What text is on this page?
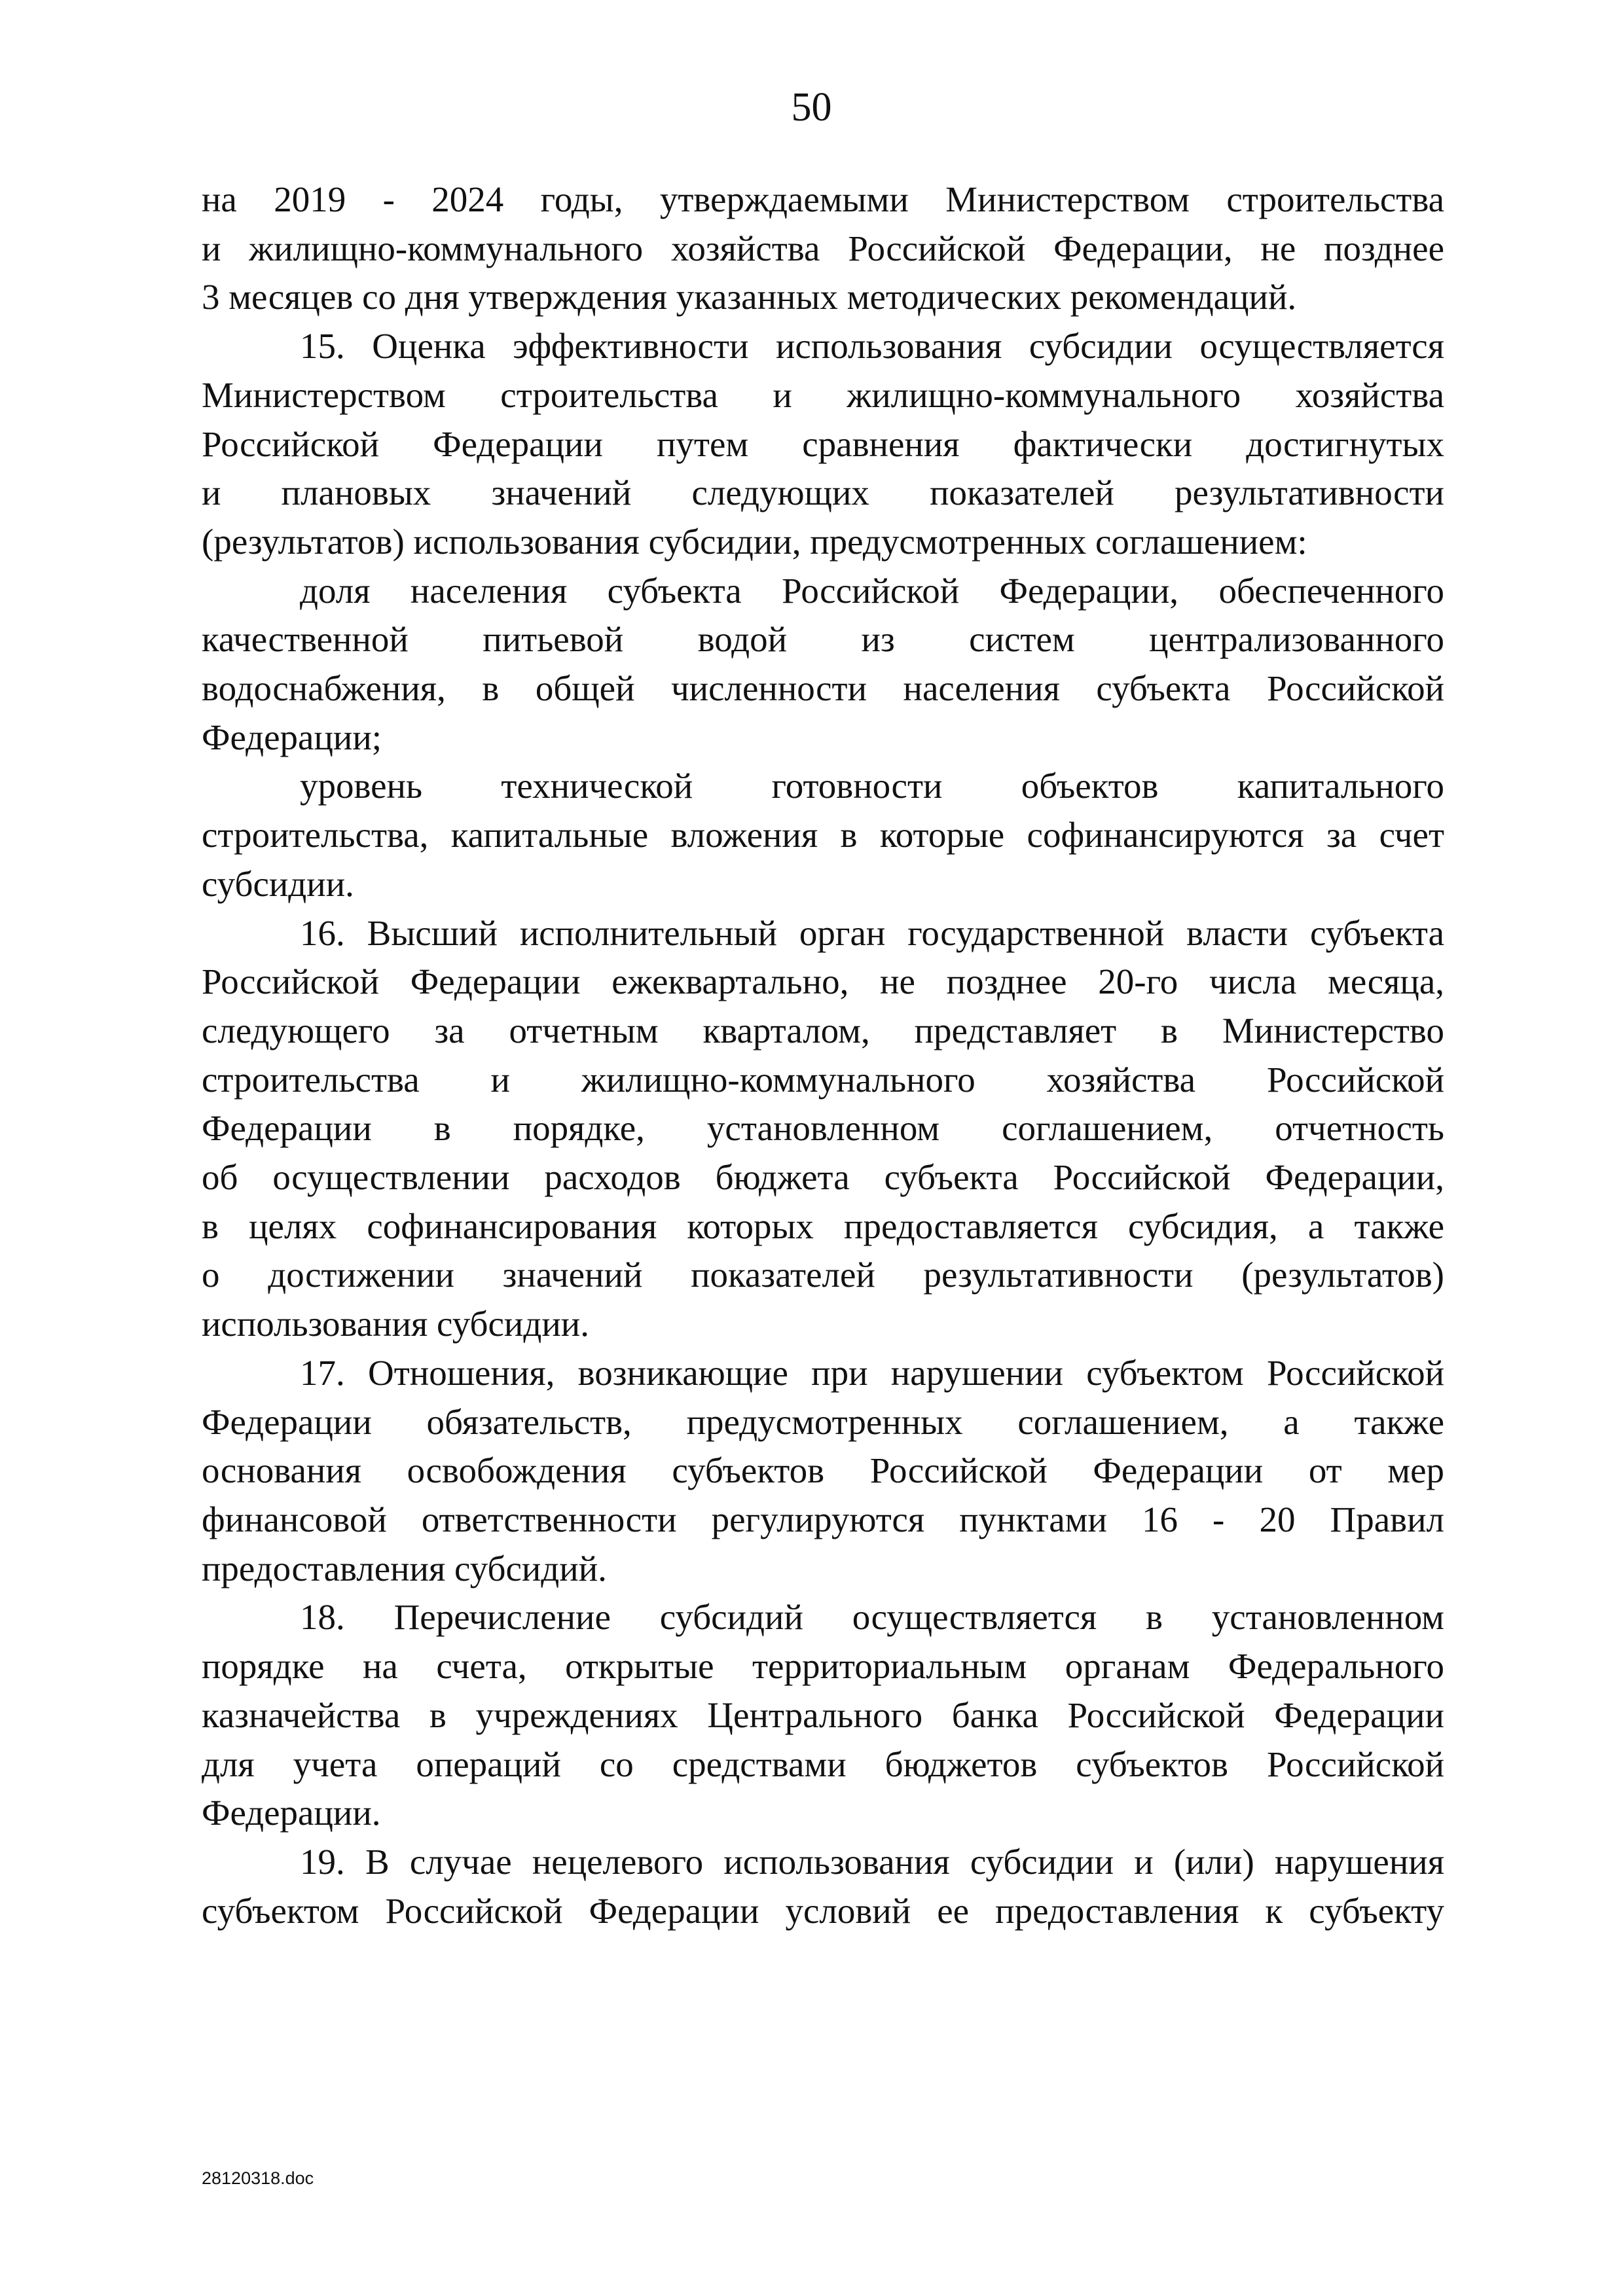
50
на 2019 - 2024 годы, утверждаемыми Министерством строительства
и жилищно-коммунального хозяйства Российской Федерации, не позднее
3 месяцев со дня утверждения указанных методических рекомендаций.
15. Оценка эффективности использования субсидии осуществляется
Министерством строительства и жилищно-коммунального хозяйства
Российской Федерации путем сравнения фактически достигнутых
и плановых значений следующих показателей результативности
(результатов) использования субсидии, предусмотренных соглашением:
доля населения субъекта Российской Федерации, обеспеченного
качественной питьевой водой из систем централизованного
водоснабжения, в общей численности населения субъекта Российской
Федерации;
уровень технической готовности объектов капитального
строительства, капитальные вложения в которые софинансируются за счет
субсидии.
16. Высший исполнительный орган государственной власти субъекта
Российской Федерации ежеквартально, не позднее 20-го числа месяца,
следующего за отчетным кварталом, представляет в Министерство
строительства и жилищно-коммунального хозяйства Российской
Федерации в порядке, установленном соглашением, отчетность
об осуществлении расходов бюджета субъекта Российской Федерации,
в целях софинансирования которых предоставляется субсидия, а также
о достижении значений показателей результативности (результатов)
использования субсидии.
17. Отношения, возникающие при нарушении субъектом Российской
Федерации обязательств, предусмотренных соглашением, а также
основания освобождения субъектов Российской Федерации от мер
финансовой ответственности регулируются пунктами 16 - 20 Правил
предоставления субсидий.
18. Перечисление субсидий осуществляется в установленном
порядке на счета, открытые территориальным органам Федерального
казначейства в учреждениях Центрального банка Российской Федерации
для учета операций со средствами бюджетов субъектов Российской
Федерации.
19. В случае нецелевого использования субсидии и (или) нарушения
субъектом Российской Федерации условий ее предоставления к субъекту
28120318.doc
